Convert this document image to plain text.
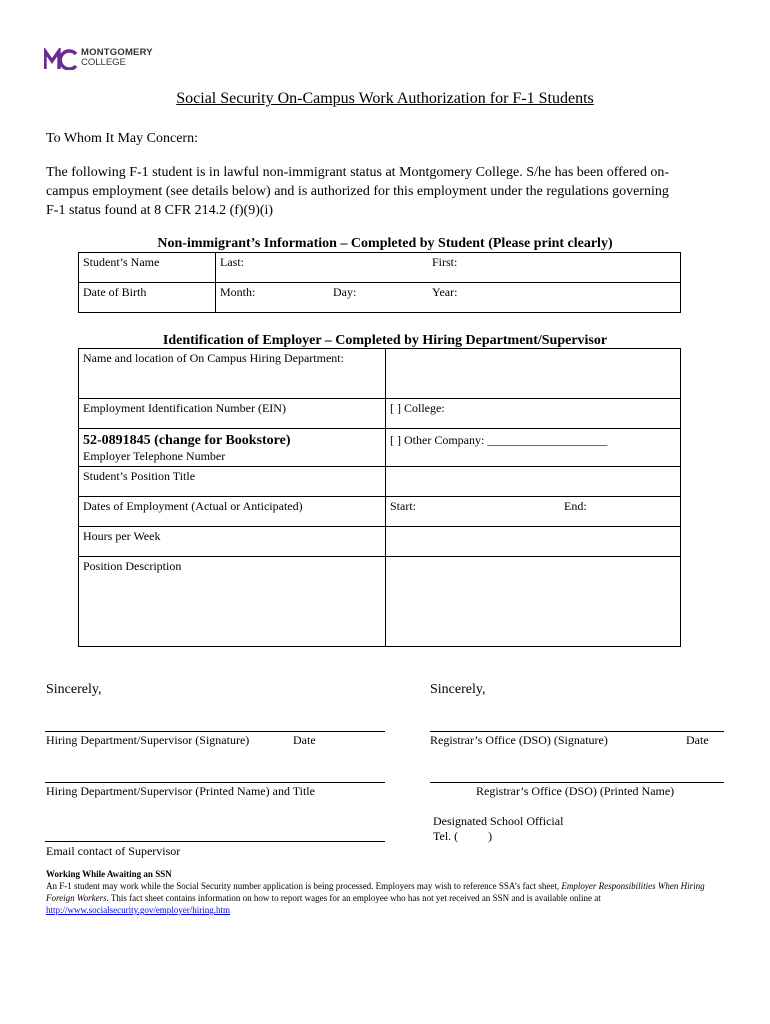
MONTGOMERY
COLLEGE
Social Security On-Campus Work Authorization for F-1 Students
To Whom It May Concern:
The following F-1 student is in lawful non-immigrant status at Montgomery College. S/he has been offered on-
campus employment (see details below) and is authorized for this employment under the regulations governing
F-1 status found at 8 CFR 214.2 (f)(9)(i)
Non-immigrant’s Information – Completed by Student (Please print clearly)
Student’s Name	Last: First:

Date of Birth	Month: Day: Year:
Identification of Employer – Completed by Hiring Department/Supervisor
Name and location of On Campus Hiring Department:	
Employment Identification Number (EIN)	[ ] College:

52-0891845 (change for Bookstore)
Employer Telephone Number	[ ] Other Company: ____________________
Student’s Position Title	
Dates of Employment (Actual or Anticipated)	Start: End:

Hours per Week	
Position Description	
Sincerely,	Sincerely,
Hiring Department/Supervisor (Signature)	Date	Registrar’s Office (DSO) (Signature)	Date
Hiring Department/Supervisor (Printed Name) and Title	Registrar’s Office (DSO) (Printed Name)
Designated School Official
Tel. (          )
Email contact of Supervisor
Working While Awaiting an SSN
An F-1 student may work while the Social Security number application is being processed. Employers may wish to reference SSA’s fact sheet, Employer Responsibilities When Hiring Foreign Workers. This fact sheet contains information on how to report wages for an employee who has not yet received an SSN and is available online at http://www.socialsecurity.gov/employer/hiring.htm
